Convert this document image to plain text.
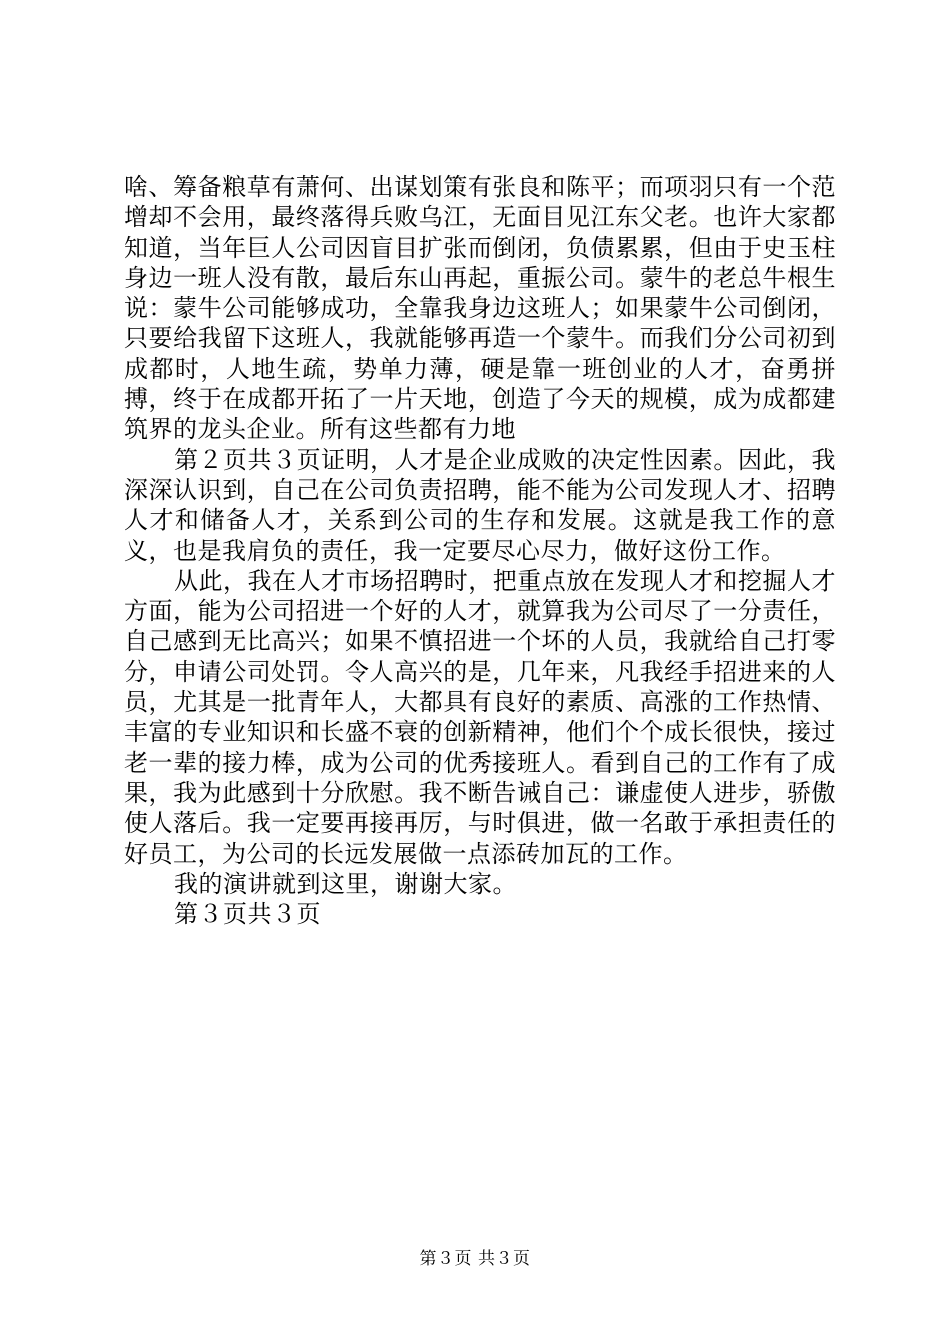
啥、筹备粮草有萧何、出谋划策有张良和陈平；而项羽只有一个范增却不会用，最终落得兵败乌江，无面目见江东父老。也许大家都知道，当年巨人公司因盲目扩张而倒闭，负债累累，但由于史玉柱身边一班人没有散，最后东山再起，重振公司。蒙牛的老总牛根生说：蒙牛公司能够成功，全靠我身边这班人；如果蒙牛公司倒闭，只要给我留下这班人，我就能够再造一个蒙牛。而我们分公司初到成都时，人地生疏，势单力薄，硬是靠一班创业的人才，奋勇拼搏，终于在成都开拓了一片天地，创造了今天的规模，成为成都建筑界的龙头企业。所有这些都有力地

第２页共３页证明，人才是企业成败的决定性因素。因此，我深深认识到，自己在公司负责招聘，能不能为公司发现人才、招聘人才和储备人才，关系到公司的生存和发展。这就是我工作的意义，也是我肩负的责任，我一定要尽心尽力，做好这份工作。

从此，我在人才市场招聘时，把重点放在发现人才和挖掘人才方面，能为公司招进一个好的人才，就算我为公司尽了一分责任，自己感到无比高兴；如果不慎招进一个坏的人员，我就给自己打零分，申请公司处罚。令人高兴的是，几年来，凡我经手招进来的人员，尤其是一批青年人，大都具有良好的素质、高涨的工作热情、丰富的专业知识和长盛不衰的创新精神，他们个个成长很快，接过老一辈的接力棒，成为公司的优秀接班人。看到自己的工作有了成果，我为此感到十分欣慰。我不断告诫自己：谦虚使人进步，骄傲使人落后。我一定要再接再厉，与时俱进，做一名敢于承担责任的好员工，为公司的长远发展做一点添砖加瓦的工作。

我的演讲就到这里，谢谢大家。

第３页共３页

第３页 共３页
